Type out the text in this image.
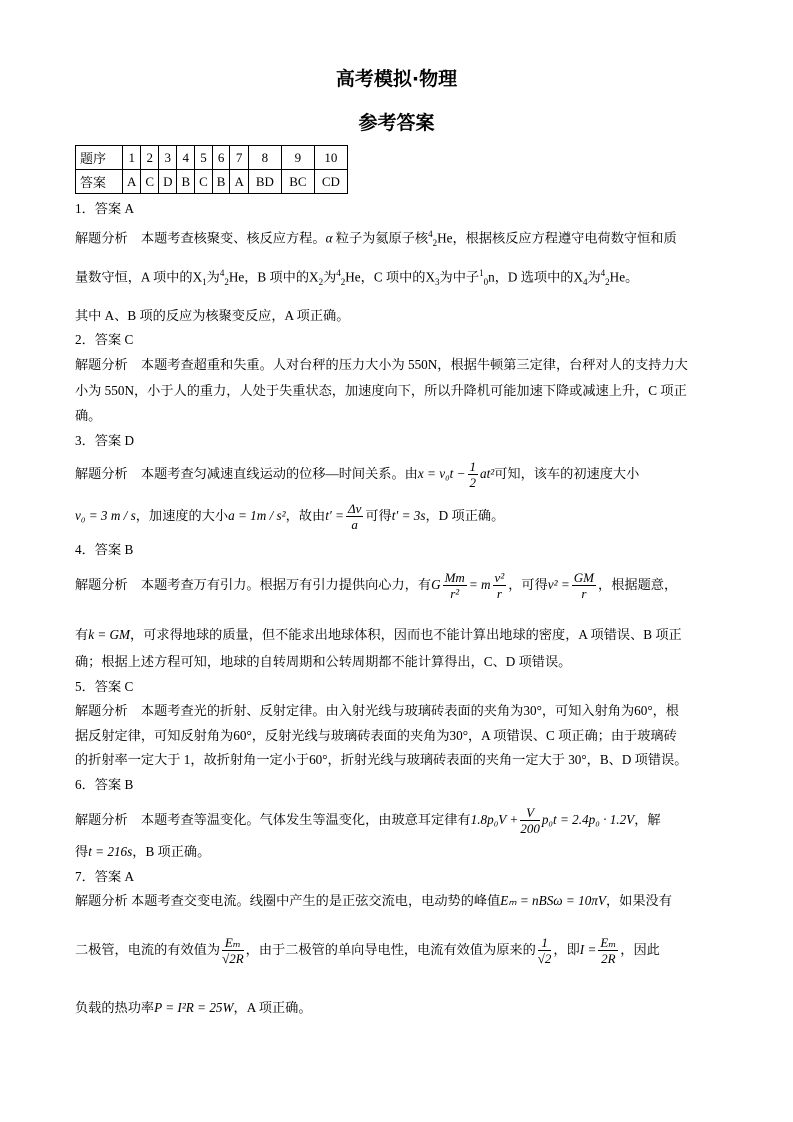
高考模拟·物理
参考答案
题序	1	2	3	4	5	6	7	8	9	10
答案	A	C	D	B	C	B	A	BD	BC	CD
1．答案 A
解题分析　本题考查核聚变、核反应方程。α 粒子为氦原子核$^4_2$He，根据核反应方程遵守电荷数守恒和质
量数守恒，A 项中的$X_1$为$^4_2$He，B 项中的$X_2$为$^4_2$He，C 项中的$X_3$为中子$^1_0$n，D 选项中的$X_4$为$^4_2$He。
其中 A、B 项的反应为核聚变反应，A 项正确。
2．答案 C
解题分析　本题考查超重和失重。人对台秤的压力大小为 550N，根据牛顿第三定律，台秤对人的支持力大
小为 550N，小于人的重力，人处于失重状态，加速度向下，所以升降机可能加速下降或减速上升，C 项正
确。
3．答案 D
解题分析　本题考查匀减速直线运动的位移—时间关系。由$x = v_0t - \frac{1}{2} at^2$可知，该车的初速度大小
v₀ = 3 m / s，加速度的大小a = 1m / s²，故由$t' = \frac{\Delta v}{a}$ 可得t′ = 3s，D 项正确。
4．答案 B
解题分析　本题考查万有引力。根据万有引力提供向心力，有G $\frac{Mm}{\text{r²}} = m \frac{\text{v²}}{r}$ ，可得$v^2 = \frac{GM}{r}$ ，根据题意，
有k = GM，可求得地球的质量，但不能求出地球体积，因而也不能计算出地球的密度，A 项错误、B 项正
确；根据上述方程可知，地球的自转周期和公转周期都不能计算得出，C、D 项错误。
5．答案 C
解题分析　本题考查光的折射、反射定律。由入射光线与玻璃砖表面的夹角为30°，可知入射角为60°，根
据反射定律，可知反射角为60°，反射光线与玻璃砖表面的夹角为30°，A 项错误、C 项正确；由于玻璃砖
的折射率一定大于 1，故折射角一定小于60°，折射光线与玻璃砖表面的夹角一定大于 30°，B、D 项错误。
6．答案 B
解题分析　本题考查等温变化。气体发生等温变化，由玻意耳定律有$1.8p_0V + \frac{V}{200} p_0t = 2.4p_0 \cdot 1.2V$，解
得t = 216s，B 项正确。
7．答案 A
解题分析 本题考查交变电流。线圈中产生的是正弦交流电，电动势的峰值Eₘ = nBSω = 10πV，如果没有
二极管，电流的有效值为 $\frac{\text{Eₘ}}{√2R}$ ，由于二极管的单向导电性，电流有效值为原来的 $\frac{1}{√2}$ ，即$I = \frac{\text{Eₘ}}{2R}$ ，因此
负载的热功率P = I²R = 25W，A 项正确。
